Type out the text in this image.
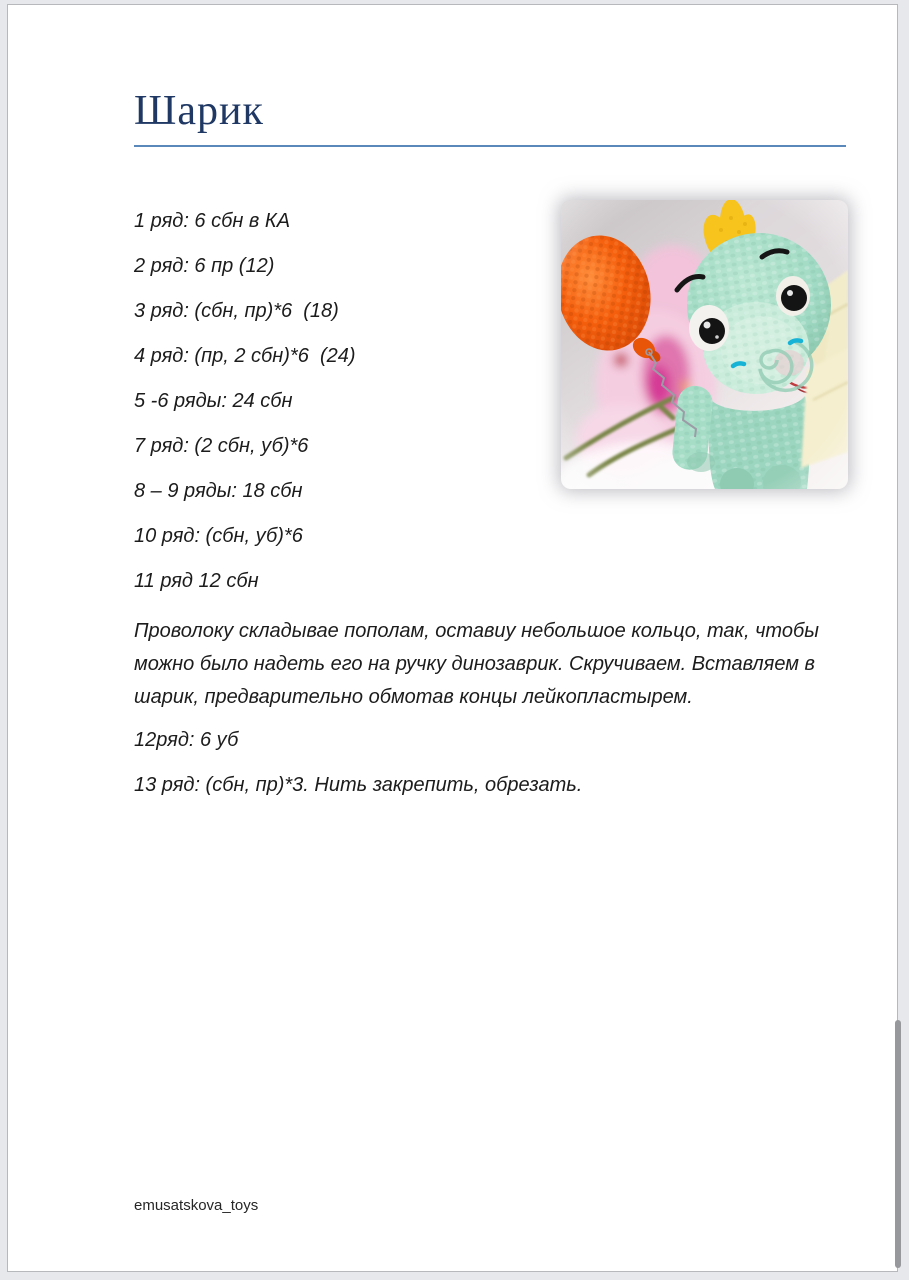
Шарик

1 ряд: 6 сбн в КА

2 ряд: 6 пр (12)

3 ряд: (сбн, пр)*6  (18)

4 ряд: (пр, 2 сбн)*6  (24)

5 -6 ряды: 24 сбн

7 ряд: (2 сбн, уб)*6

8 – 9 ряды: 18 сбн

10 ряд: (сбн, уб)*6

11 ряд 12 сбн

Проволоку складывае пополам, оставиу небольшое кольцо, так, чтобы можно было надеть его на ручку динозаврик. Скручиваем. Вставляем в шарик, предварительно обмотав концы лейкопластырем.

12ряд: 6 уб

13 ряд: (сбн, пр)*3. Нить закрепить, обрезать.

emusatskova_toys
